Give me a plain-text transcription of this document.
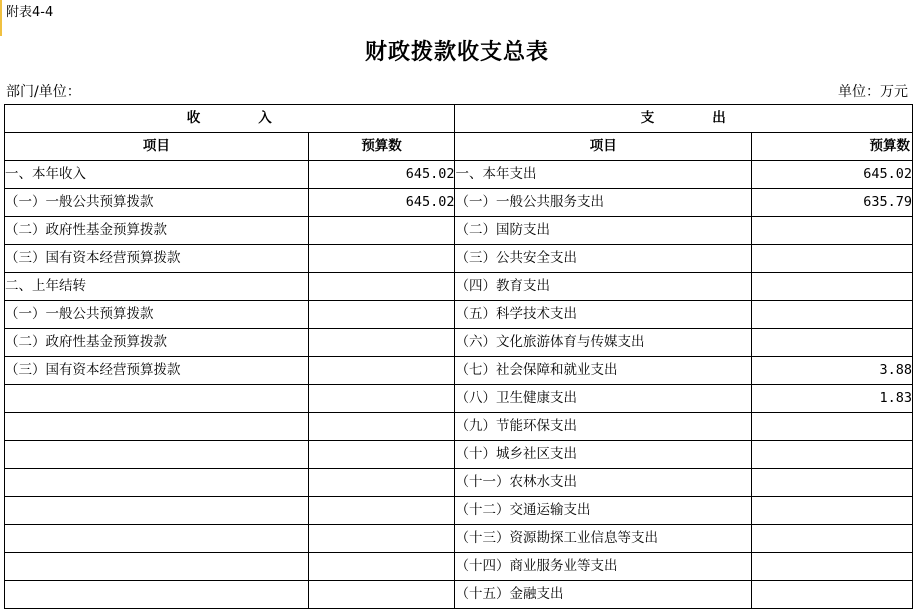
附表4-4
财政拨款收支总表
部门/单位：	单位：万元
收          入		支          出	
项目	预算数	项目	预算数
一、本年收入	645.02	一、本年支出	645.02
（一）一般公共预算拨款	645.02	（一）一般公共服务支出	635.79
（二）政府性基金预算拨款		（二）国防支出	
（三）国有资本经营预算拨款		（三）公共安全支出	
二、上年结转		（四）教育支出	
（一）一般公共预算拨款		（五）科学技术支出	
（二）政府性基金预算拨款		（六）文化旅游体育与传媒支出	
（三）国有资本经营预算拨款		（七）社会保障和就业支出	3.88
		（八）卫生健康支出	1.83
		（九）节能环保支出	
		（十）城乡社区支出	
		（十一）农林水支出	
		（十二）交通运输支出	
		（十三）资源勘探工业信息等支出	
		（十四）商业服务业等支出	
		（十五）金融支出	
